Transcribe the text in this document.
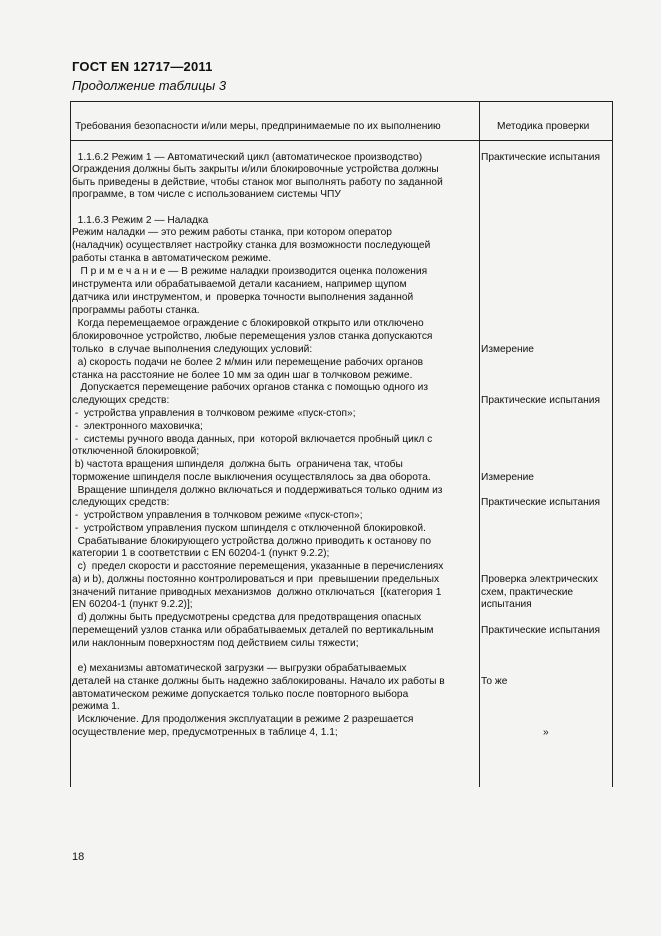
ГОСТ EN 12717—2011
Продолжение таблицы 3
Требования безопасности и/или меры, предпринимаемые по их выполнению	Методика проверки
1.1.6.2 Режим 1 — Автоматический цикл (автоматическое производство)
Ограждения должны быть закрыты и/или блокировочные устройства должны
быть приведены в действие, чтобы станок мог выполнять работу по заданной
программе, в том числе с использованием системы ЧПУ
1.1.6.3 Режим 2 — Наладка
Режим наладки — это режим работы станка, при котором оператор
(наладчик) осуществляет настройку станка для возможности последующей
работы станка в автоматическом режиме.
П р и м е ч а н и е — В режиме наладки производится оценка положения
инструмента или обрабатываемой детали касанием, например щупом
датчика или инструментом, и  проверка точности выполнения заданной
программы работы станка.
Когда перемещаемое ограждение с блокировкой открыто или отключено
блокировочное устройство, любые перемещения узлов станка допускаются
только  в случае выполнения следующих условий:
a) скорость подачи не более 2 м/мин или перемещение рабочих органов
станка на расстояние не более 10 мм за один шаг в толчковом режиме.
Допускается перемещение рабочих органов станка с помощью одного из
следующих средств:
-  устройства управления в толчковом режиме «пуск-стоп»;
-  электронного маховичка;
-  системы ручного ввода данных, при  которой включается пробный цикл с
отключенной блокировкой;
b) частота вращения шпинделя  должна быть  ограничена так, чтобы
торможение шпинделя после выключения осуществлялось за два оборота.
Вращение шпинделя должно включаться и поддерживаться только одним из
следующих средств:
-  устройством управления в толчковом режиме «пуск-стоп»;
-  устройством управления пуском шпинделя с отключенной блокировкой.
Срабатывание блокирующего устройства должно приводить к останову по
категории 1 в соответствии с EN 60204-1 (пункт 9.2.2);
c)  предел скорости и расстояние перемещения, указанные в перечислениях
a) и b), должны постоянно контролироваться и при  превышении предельных
значений питание приводных механизмов  должно отключаться  [(категория 1
EN 60204-1 (пункт 9.2.2)];
d) должны быть предусмотрены средства для предотвращения опасных
перемещений узлов станка или обрабатываемых деталей по вертикальным
или наклонным поверхностям под действием силы тяжести;
e) механизмы автоматической загрузки — выгрузки обрабатываемых
деталей на станке должны быть надежно заблокированы. Начало их работы в
автоматическом режиме допускается только после повторного выбора
режима 1.
Исключение. Для продолжения эксплуатации в режиме 2 разрешается
осуществление мер, предусмотренных в таблице 4, 1.1;
Практические испытания
Измерение
Практические испытания
Измерение
Практические испытания
Проверка электрических
схем, практические
испытания
Практические испытания
То же
»
18
